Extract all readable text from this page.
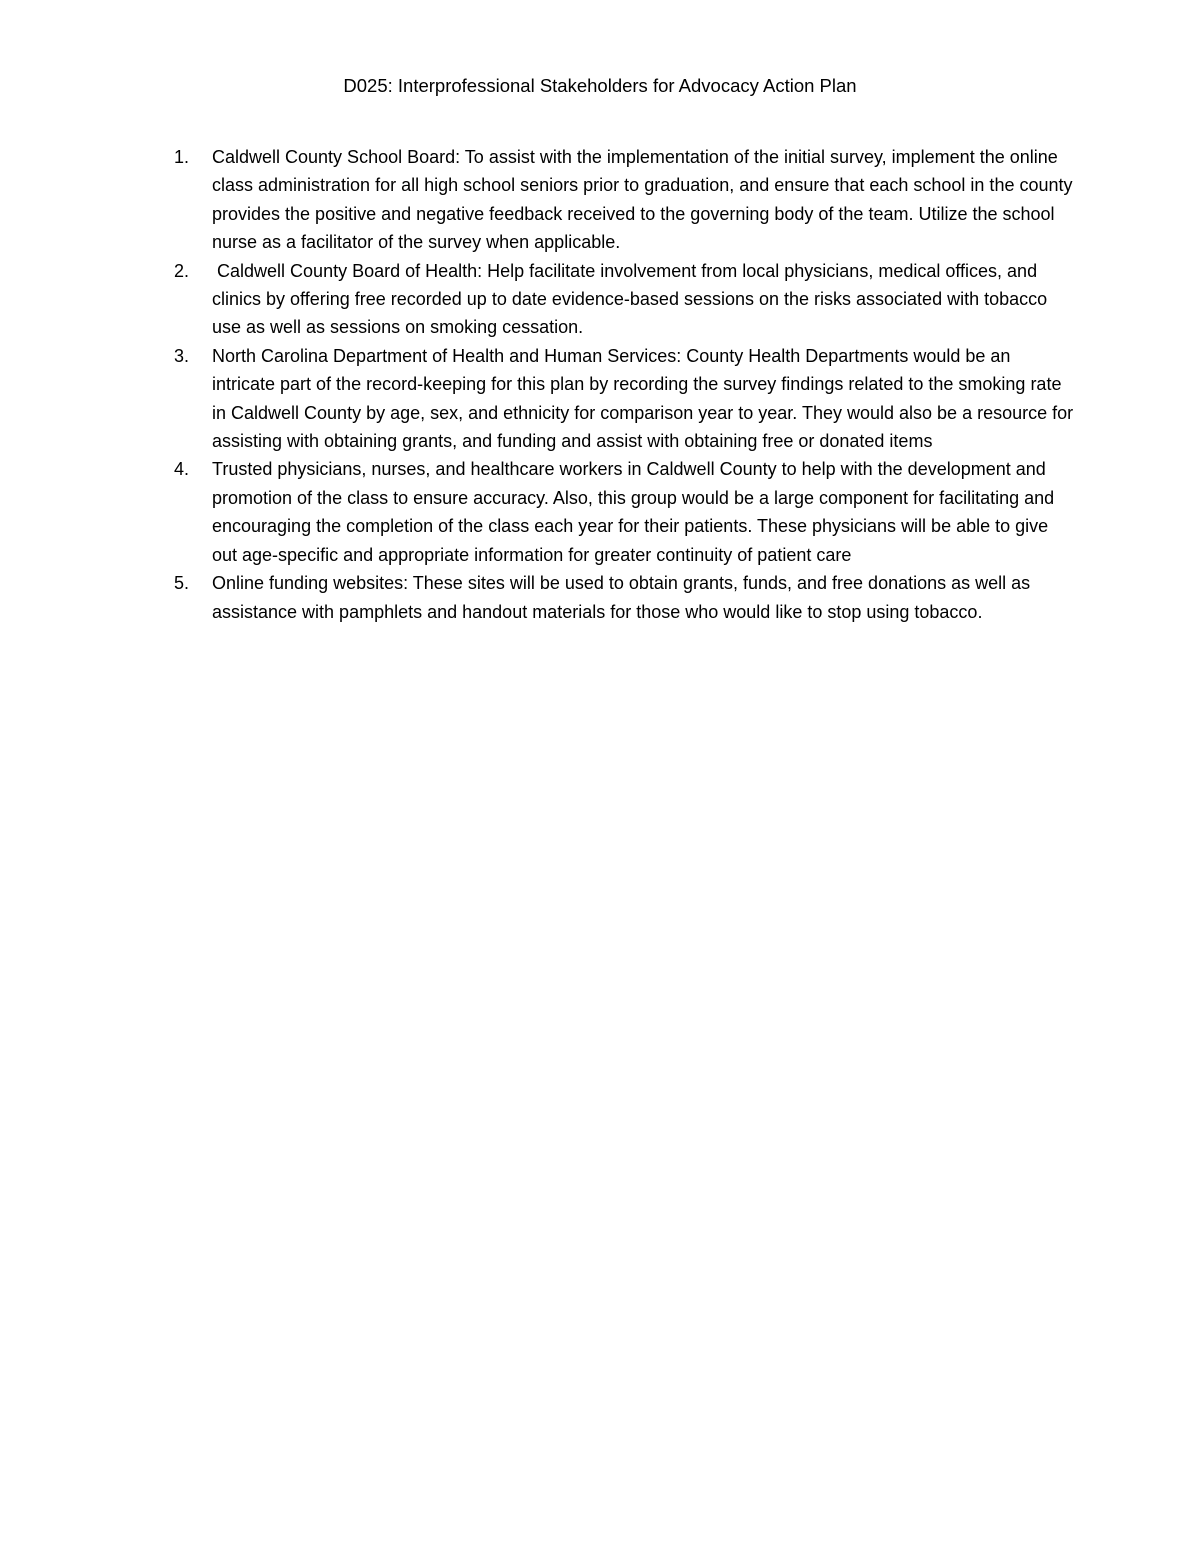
D025: Interprofessional Stakeholders for Advocacy Action Plan
1.	Caldwell County School Board: To assist with the implementation of the initial survey, implement the online class administration for all high school seniors prior to graduation, and ensure that each school in the county provides the positive and negative feedback received to the governing body of the team. Utilize the school nurse as a facilitator of the survey when applicable.
2.	Caldwell County Board of Health: Help facilitate involvement from local physicians, medical offices, and clinics by offering free recorded up to date evidence-based sessions on the risks associated with tobacco use as well as sessions on smoking cessation.
3.	North Carolina Department of Health and Human Services: County Health Departments would be an intricate part of the record-keeping for this plan by recording the survey findings related to the smoking rate in Caldwell County by age, sex, and ethnicity for comparison year to year. They would also be a resource for assisting with obtaining grants, and funding and assist with obtaining free or donated items
4.	Trusted physicians, nurses, and healthcare workers in Caldwell County to help with the development and promotion of the class to ensure accuracy. Also, this group would be a large component for facilitating and encouraging the completion of the class each year for their patients. These physicians will be able to give out age-specific and appropriate information for greater continuity of patient care
5.	Online funding websites: These sites will be used to obtain grants, funds, and free donations as well as assistance with pamphlets and handout materials for those who would like to stop using tobacco.
